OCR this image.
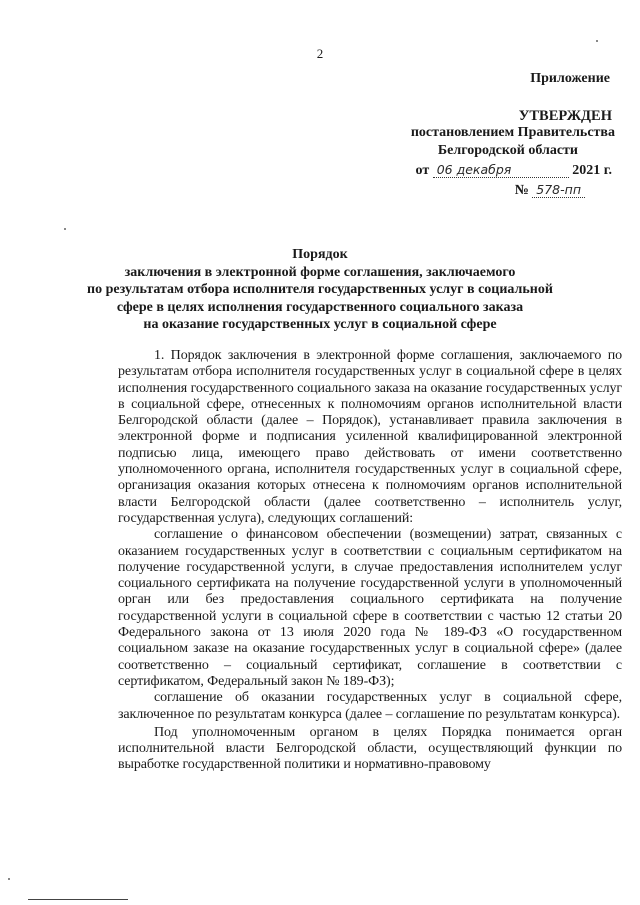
2
Приложение
УТВЕРЖДЕН
постановлением Правительства
Белгородской области
от 06 декабря	2021 г.
№ 578-пп
Порядок
заключения в электронной форме соглашения, заключаемого
по результатам отбора исполнителя государственных услуг в социальной
сфере в целях исполнения государственного социального заказа
на оказание государственных услуг в социальной сфере

1. Порядок заключения в электронной форме соглашения, заключаемого по результатам отбора исполнителя государственных услуг в социальной сфере в целях исполнения государственного социального заказа на оказание государственных услуг в социальной сфере, отнесенных к полномочиям органов исполнительной власти Белгородской области (далее – Порядок), устанавливает правила заключения в электронной форме и подписания усиленной квалифицированной электронной подписью лица, имеющего право действовать от имени соответственно уполномоченного органа, исполнителя государственных услуг в социальной сфере, организация оказания которых отнесена к полномочиям органов исполнительной власти Белгородской области (далее соответственно – исполнитель услуг, государственная услуга), следующих соглашений:

соглашение о финансовом обеспечении (возмещении) затрат, связанных с оказанием государственных услуг в соответствии с социальным сертификатом на получение государственной услуги, в случае предоставления исполнителем услуг социального сертификата на получение государственной услуги в уполномоченный орган или без предоставления социального сертификата на получение государственной услуги в социальной сфере в соответствии с частью 12 статьи 20 Федерального закона от 13 июля 2020 года № 189-ФЗ «О государственном социальном заказе на оказание государственных услуг в социальной сфере» (далее соответственно – социальный сертификат, соглашение в соответствии с сертификатом, Федеральный закон № 189-ФЗ);

соглашение об оказании государственных услуг в социальной сфере, заключенное по результатам конкурса (далее – соглашение по результатам конкурса).

Под уполномоченным органом в целях Порядка понимается орган исполнительной власти Белгородской области, осуществляющий функции по выработке государственной политики и нормативно-правовому
